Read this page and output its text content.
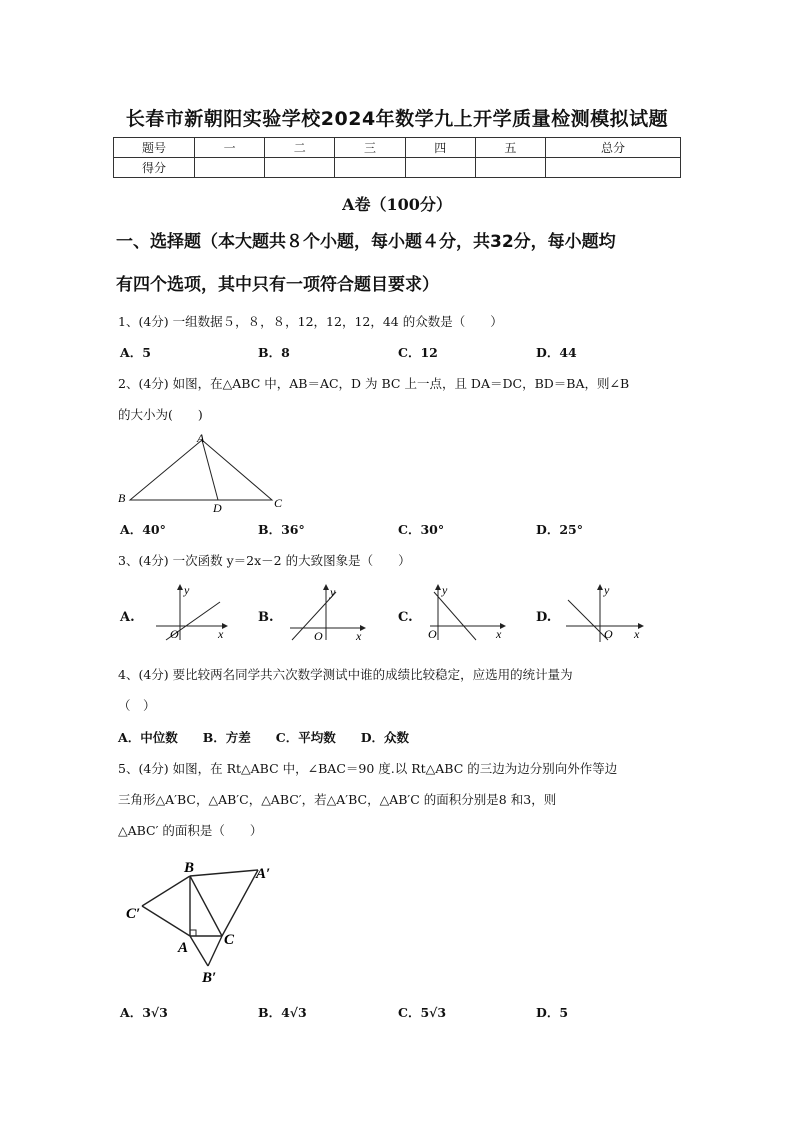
长春市新朝阳实验学校2024年数学九上开学质量检测模拟试题
题号	一	二	三	四	五	总分
得分						
A卷（100分）
一、选择题（本大题共８个小题，每小题４分，共32分，每小题均
有四个选项，其中只有一项符合题目要求）
1、(4分) 一组数据５，８，８，12，12，12，44 的众数是（　　）
A．5	B．8	C．12	D．44
2、(4分) 如图，在△ABC 中，AB＝AC，D 为 BC 上一点，且 DA＝DC，BD＝BA，则∠B
的大小为(　　)
A
B	C
D
A．40°	B．36°	C．30°	D．25°
3、(4分) 一次函数 y＝2x－2 的大致图象是（　　）
A.
y
x
O
B.
y
x
O
C.
y
x
O
D.
y
x
O
4、(4分) 要比较两名同学共六次数学测试中谁的成绩比较稳定，应选用的统计量为
（　）
A．中位数　　B．方差　　C．平均数　　D．众数
5、(4分) 如图，在 Rt△ABC 中，∠BAC＝90 度.以 Rt△ABC 的三边为边分别向外作等边
三角形△A′BC，△AB′C，△ABC′，若△A′BC，△AB′C 的面积分别是8 和3，则
△ABC′ 的面积是（　　）
B	A′
C′
A C
B′
A．3√3	B．4√3	C．5√3	D．5
